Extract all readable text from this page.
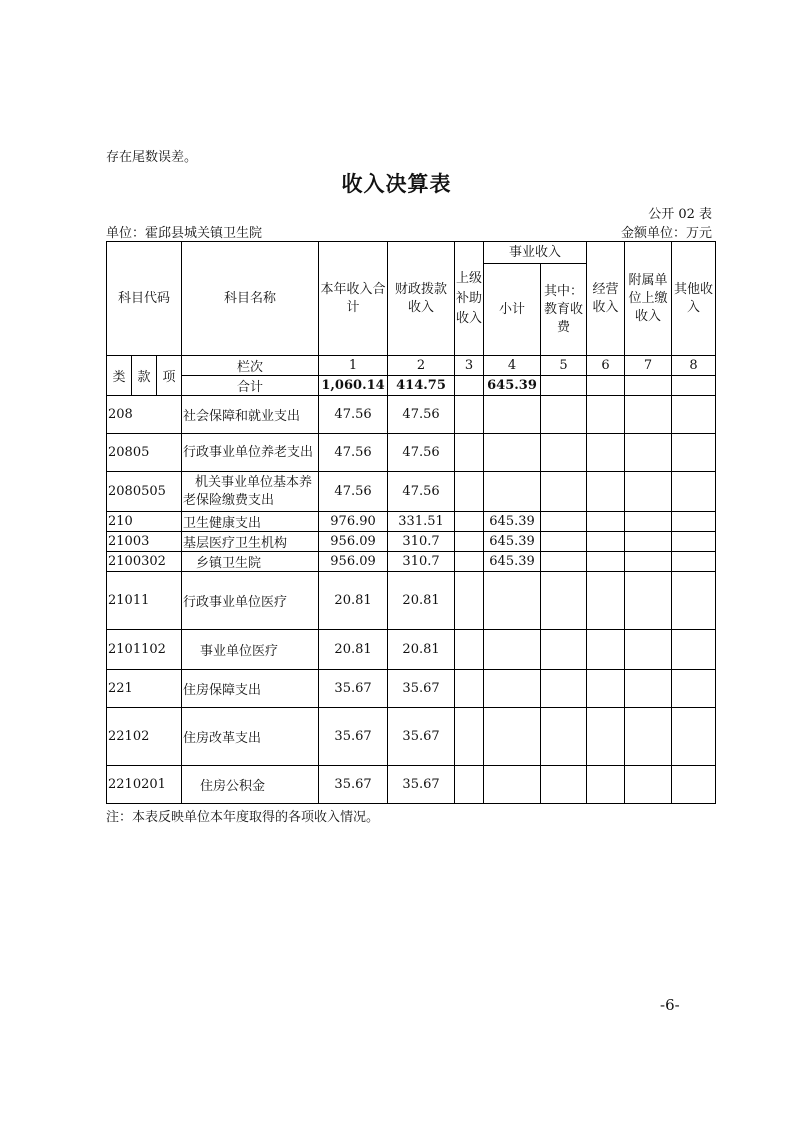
存在尾数误差。
收入决算表
公开 02 表
单位：霍邱县城关镇卫生院	金额单位：万元
科目代码			科目名称	本年收入合计	财政拨款收入	上级补助收入	事业收入		经营收入	附属单位上缴收入	其他收入
							小计	其中：教育收费			
类	款	项	栏次	1	2	3	4	5	6	7	8
			合计	1,060.14	414.75		645.39				
208			社会保障和就业支出	47.56	47.56						
20805			行政事业单位养老支出	47.56	47.56						
2080505			机关事业单位基本养老保险缴费支出	47.56	47.56						
210			卫生健康支出	976.90	331.51		645.39				
21003			基层医疗卫生机构	956.09	310.7		645.39				
2100302			乡镇卫生院	956.09	310.7		645.39				
21011			行政事业单位医疗	20.81	20.81						
2101102			事业单位医疗	20.81	20.81						
221			住房保障支出	35.67	35.67						
22102			住房改革支出	35.67	35.67						
2210201			住房公积金	35.67	35.67						
注：本表反映单位本年度取得的各项收入情况。
-6-
